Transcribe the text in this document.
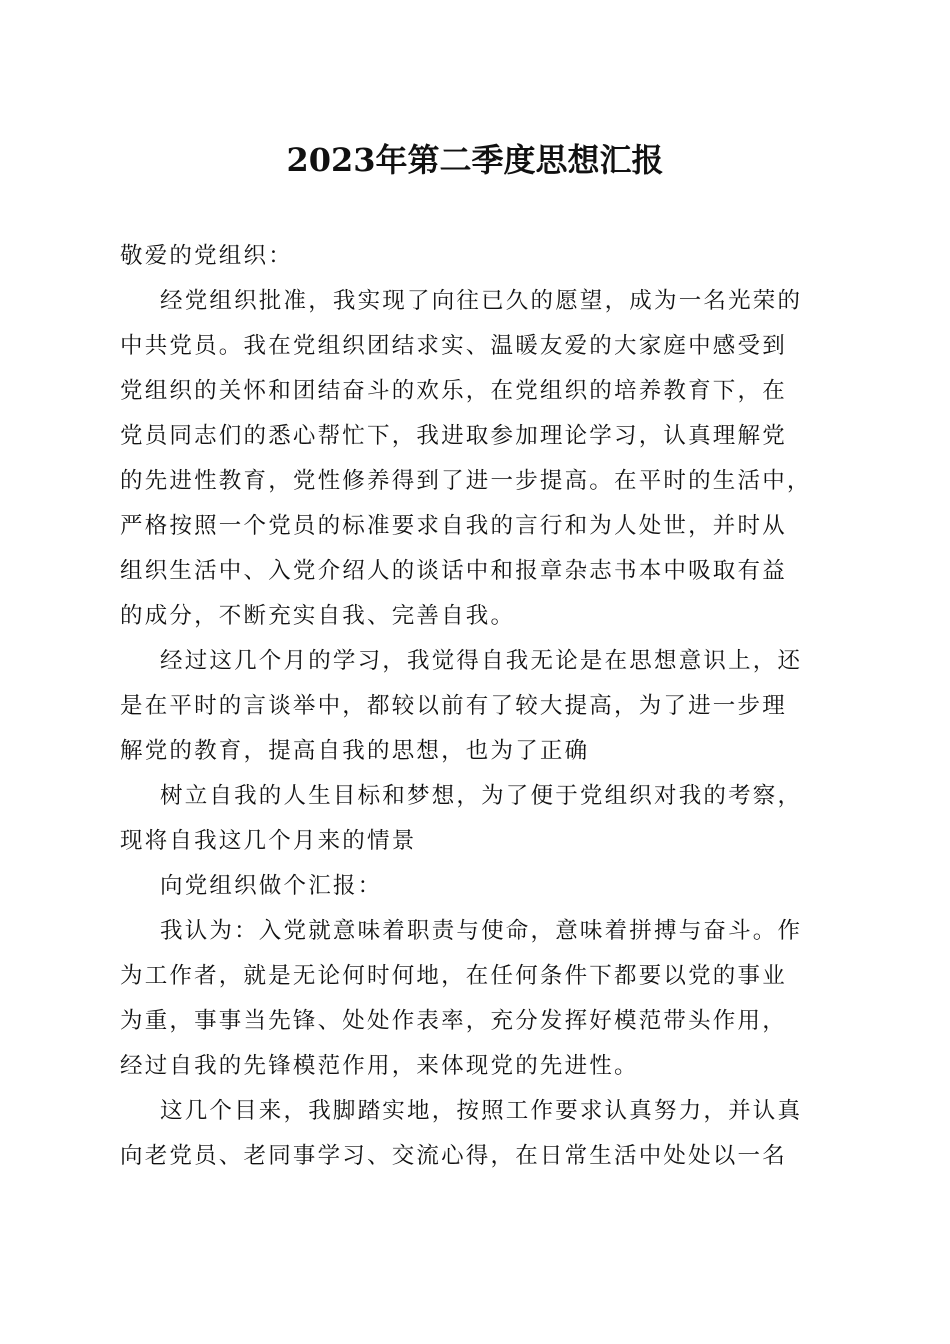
2023年第二季度思想汇报

敬爱的党组织：

经党组织批准，我实现了向往已久的愿望，成为一名光荣的
中共党员。我在党组织团结求实、温暖友爱的大家庭中感受到
党组织的关怀和团结奋斗的欢乐，在党组织的培养教育下，在
党员同志们的悉心帮忙下，我进取参加理论学习，认真理解党
的先进性教育，党性修养得到了进一步提高。在平时的生活中，
严格按照一个党员的标准要求自我的言行和为人处世，并时从
组织生活中、入党介绍人的谈话中和报章杂志书本中吸取有益
的成分，不断充实自我、完善自我。

经过这几个月的学习，我觉得自我无论是在思想意识上，还
是在平时的言谈举中，都较以前有了较大提高，为了进一步理
解党的教育，提高自我的思想，也为了正确

树立自我的人生目标和梦想，为了便于党组织对我的考察，
现将自我这几个月来的情景

向党组织做个汇报：

我认为：入党就意味着职责与使命，意味着拼搏与奋斗。作
为工作者，就是无论何时何地，在任何条件下都要以党的事业
为重，事事当先锋、处处作表率，充分发挥好模范带头作用，
经过自我的先锋模范作用，来体现党的先进性。

这几个目来，我脚踏实地，按照工作要求认真努力，并认真
向老党员、老同事学习、交流心得，在日常生活中处处以一名
